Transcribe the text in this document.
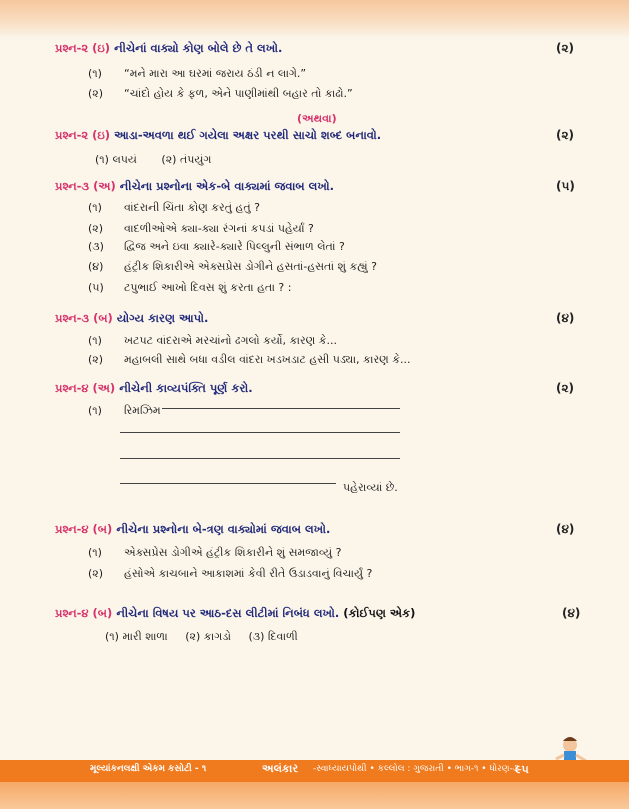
પ્રશ્ન-૨ (ઇ) નીચેનાં વાક્યો કોણ બોલે છે તે લખો.	(૨)
(૧) “મને મારા આ ઘરમાં જરાય ઠંડી ન લાગે.”
(૨) “ચાંદો હોય કે ફળ, એને પાણીમાંથી બહાર તો કાઢો.”
(અથવા)
પ્રશ્ન-૨ (ઇ) આડા-અવળા થઈ ગયેલા અક્ષર પરથી સાચો શબ્દ બનાવો.	(૨)
(૧) લપયં       (૨) તંપયુંગ
પ્રશ્ન-૩ (અ) નીચેના પ્રશ્નોના એક-બે વાક્યમાં જવાબ લખો.	(૫)
(૧) વાંદરાની ચિંતા કોણ કરતું હતું ?
(૨) વાદળીઓએ ક્યા-ક્યા રંગનાં કપડાં પહેર્યાં ?
(૩) દ્વિજ અને ઇવા ક્યારે-ક્યારે પિલ્લુની સંભાળ લેતાં ?
(૪) હંટ્રીક શિકારીએ એક્સપ્રેસ ડોગીને હસતાં-હસતાં શું કહ્યું ?
(૫) ટપુભાઈ આખો દિવસ શું કરતા હતા ? :
પ્રશ્ન-૩ (બ) યોગ્ય કારણ આપો.	(૪)
(૧) ખટપટ વાંદરાએ મરચાંનો ઢગલો કર્યો, કારણ કે...
(૨) મહાબલી સાથે બધા વડીલ વાંદરા ખડખડાટ હસી પડ્યા, કારણ કે...
પ્રશ્ન-૪ (અ) નીચેની કાવ્યપંક્તિ પૂર્ણ કરો.	(૨)
(૧) રિમઝિમ
પહેરાવ્યાં છે.
પ્રશ્ન-૪ (બ) નીચેના પ્રશ્નોના બે-ત્રણ વાક્યોમાં જવાબ લખો.	(૪)
(૧) એક્સપ્રેસ ડોગીએ હંટ્રીક શિકારીને શું સમજાવ્યું ?
(૨) હંસોએ કાચબાને આકાશમાં કેવી રીતે ઉડાડવાનું વિચાર્યું ?
પ્રશ્ન-૪ (બ) નીચેના વિષય પર આઠ-દસ લીટીમાં નિબંધ લખો. (કોઈપણ એક)	(૪)
(૧) મારી શાળા     (૨) કાગડો     (૩) દિવાળી
મૂલ્યાંકનલક્ષી એકમ કસોટી - ૧	અલંકાર -સ્વાધ્યાયપોથી • કલ્લોલ : ગુજરાતી • ભાગ-૧ • ધોરણ-૩
૯૫
